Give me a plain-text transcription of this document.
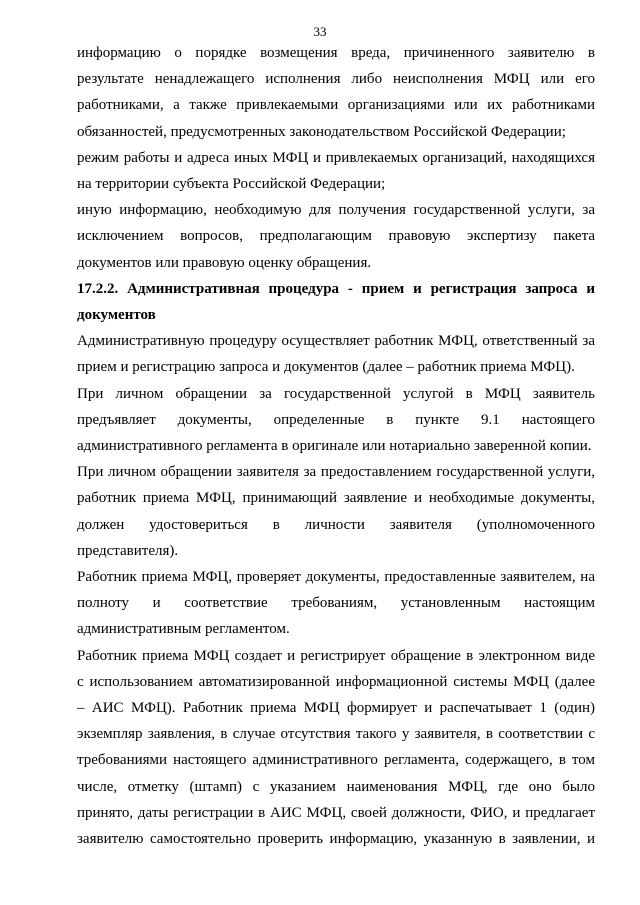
33

информацию о порядке возмещения вреда, причиненного заявителю в

результате ненадлежащего исполнения либо неисполнения МФЦ или его

работниками, а также привлекаемыми организациями или их работниками

обязанностей, предусмотренных законодательством Российской Федерации;

режим работы и адреса иных МФЦ и привлекаемых организаций, находящихся

на территории субъекта Российской Федерации;

иную информацию, необходимую для получения государственной услуги, за

исключением вопросов, предполагающим правовую экспертизу пакета

документов или правовую оценку обращения.

17.2.2. Административная процедура - прием и регистрация запроса и

документов

Административную процедуру осуществляет работник МФЦ, ответственный за

прием и регистрацию запроса и документов (далее – работник приема МФЦ).

При личном обращении за государственной услугой в МФЦ заявитель

предъявляет документы, определенные в пункте 9.1 настоящего

административного регламента в оригинале или нотариально заверенной копии.

При личном обращении заявителя за предоставлением государственной услуги,

работник приема МФЦ, принимающий заявление и необходимые документы,

должен удостовериться в личности заявителя (уполномоченного

представителя).

Работник приема МФЦ, проверяет документы, предоставленные заявителем, на

полноту и соответствие требованиям, установленным настоящим

административным регламентом.

Работник приема МФЦ создает и регистрирует обращение в электронном виде

с использованием автоматизированной информационной системы МФЦ (далее

– АИС МФЦ). Работник приема МФЦ формирует и распечатывает 1 (один)

экземпляр заявления, в случае отсутствия такого у заявителя, в соответствии с

требованиями настоящего административного регламента, содержащего, в том

числе, отметку (штамп) с указанием наименования МФЦ, где оно было

принято, даты регистрации в АИС МФЦ, своей должности, ФИО, и предлагает

заявителю самостоятельно проверить информацию, указанную в заявлении, и
